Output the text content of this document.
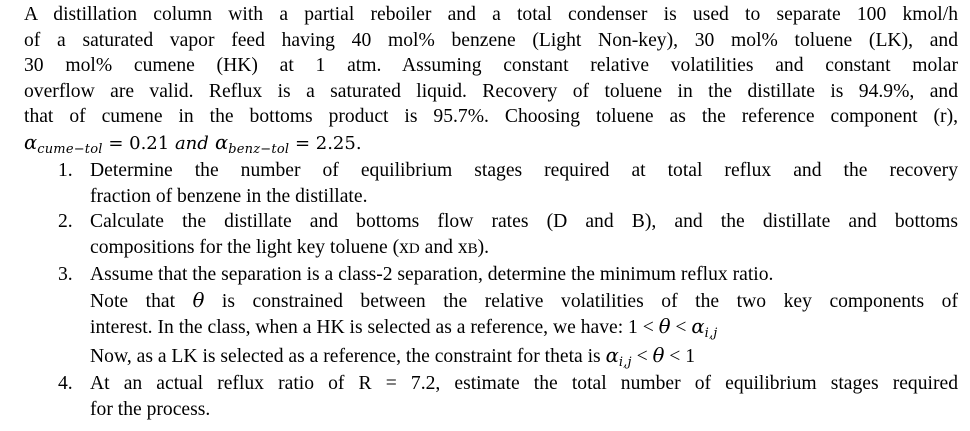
A distillation column with a partial reboiler and a total condenser is used to separate 100 kmol/h
of a saturated vapor feed having 40 mol% benzene (Light Non-key), 30 mol% toluene (LK), and
30 mol% cumene (HK) at 1 atm. Assuming constant relative volatilities and constant molar
overflow are valid. Reflux is a saturated liquid. Recovery of toluene in the distillate is 94.9%, and
that of cumene in the bottoms product is 95.7%. Choosing toluene as the reference component (r),
$\alpha_{cume-tol} = 0.21$ and $\alpha_{benz-tol} = 2.25$.

1. Determine the number of equilibrium stages required at total reflux and the recovery
fraction of benzene in the distillate.
2. Calculate the distillate and bottoms flow rates (D and B), and the distillate and bottoms
compositions for the light key toluene (xD and xB).
3. Assume that the separation is a class-2 separation, determine the minimum reflux ratio.
Note that θ is constrained between the relative volatilities of the two key components of
interest. In the class, when a HK is selected as a reference, we have: $1 < \theta < \alpha_{i,j}$
Now, as a LK is selected as a reference, the constraint for theta is $\alpha_{i,j} < \theta < 1$
4. At an actual reflux ratio of R = 7.2, estimate the total number of equilibrium stages required
for the process.
